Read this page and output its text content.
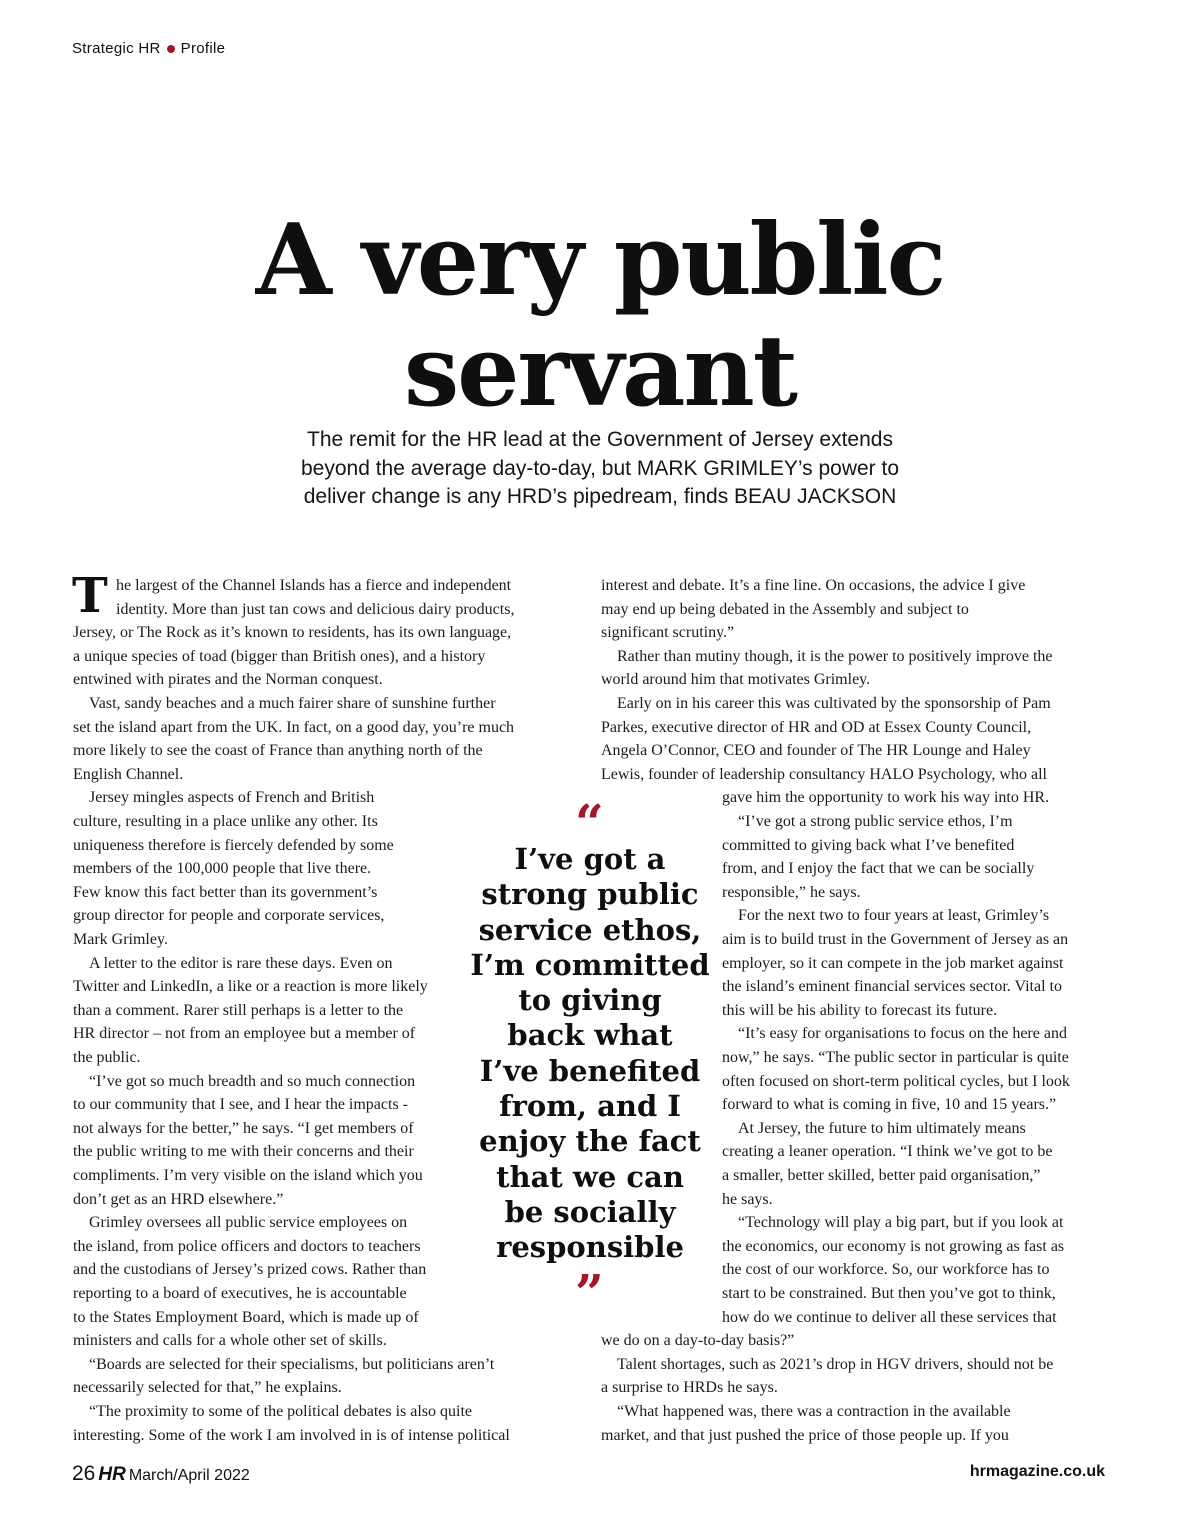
Strategic HR Profile
A very public
servant
The remit for the HR lead at the Government of Jersey extends
beyond the average day-to-day, but MARK GRIMLEY’s power to
deliver change is any HRD’s pipedream, finds BEAU JACKSON
T he largest of the Channel Islands has a fierce and independent
identity. More than just tan cows and delicious dairy products,
Jersey, or The Rock as it’s known to residents, has its own language,
a unique species of toad (bigger than British ones), and a history
entwined with pirates and the Norman conquest.
Vast, sandy beaches and a much fairer share of sunshine further
set the island apart from the UK. In fact, on a good day, you’re much
more likely to see the coast of France than anything north of the
English Channel.
Jersey mingles aspects of French and British
culture, resulting in a place unlike any other. Its
uniqueness therefore is fiercely defended by some
members of the 100,000 people that live there.
Few know this fact better than its government’s
group director for people and corporate services,
Mark Grimley.
A letter to the editor is rare these days. Even on
Twitter and LinkedIn, a like or a reaction is more likely
than a comment. Rarer still perhaps is a letter to the
HR director – not from an employee but a member of
the public.
“I’ve got so much breadth and so much connection
to our community that I see, and I hear the impacts -
not always for the better,” he says. “I get members of
the public writing to me with their concerns and their
compliments. I’m very visible on the island which you
don’t get as an HRD elsewhere.”
Grimley oversees all public service employees on
the island, from police officers and doctors to teachers
and the custodians of Jersey’s prized cows. Rather than
reporting to a board of executives, he is accountable
to the States Employment Board, which is made up of
ministers and calls for a whole other set of skills.
“Boards are selected for their specialisms, but politicians aren’t
necessarily selected for that,” he explains.
“The proximity to some of the political debates is also quite
interesting. Some of the work I am involved in is of intense political
interest and debate. It’s a fine line. On occasions, the advice I give
may end up being debated in the Assembly and subject to
significant scrutiny.”
Rather than mutiny though, it is the power to positively improve the
world around him that motivates Grimley.
Early on in his career this was cultivated by the sponsorship of Pam
Parkes, executive director of HR and OD at Essex County Council,
Angela O’Connor, CEO and founder of The HR Lounge and Haley
Lewis, founder of leadership consultancy HALO Psychology, who all
gave him the opportunity to work his way into HR.
“I’ve got a strong public service ethos, I’m
committed to giving back what I’ve benefited
from, and I enjoy the fact that we can be socially
responsible,” he says.
For the next two to four years at least, Grimley’s
aim is to build trust in the Government of Jersey as an
employer, so it can compete in the job market against
the island’s eminent financial services sector. Vital to
this will be his ability to forecast its future.
“It’s easy for organisations to focus on the here and
now,” he says. “The public sector in particular is quite
often focused on short-term political cycles, but I look
forward to what is coming in five, 10 and 15 years.”
At Jersey, the future to him ultimately means
creating a leaner operation. “I think we’ve got to be
a smaller, better skilled, better paid organisation,”
he says.
“Technology will play a big part, but if you look at
the economics, our economy is not growing as fast as
the cost of our workforce. So, our workforce has to
start to be constrained. But then you’ve got to think,
how do we continue to deliver all these services that
we do on a day-to-day basis?”
Talent shortages, such as 2021’s drop in HGV drivers, should not be
a surprise to HRDs he says.
“What happened was, there was a contraction in the available
market, and that just pushed the price of those people up. If you
“
I’ve got a
strong public
service ethos,
I’m committed
to giving
back what
I’ve benefited
from, and I
enjoy the fact
that we can
be socially
responsible
”
26 HR March/April 2022	hrmagazine.co.uk
